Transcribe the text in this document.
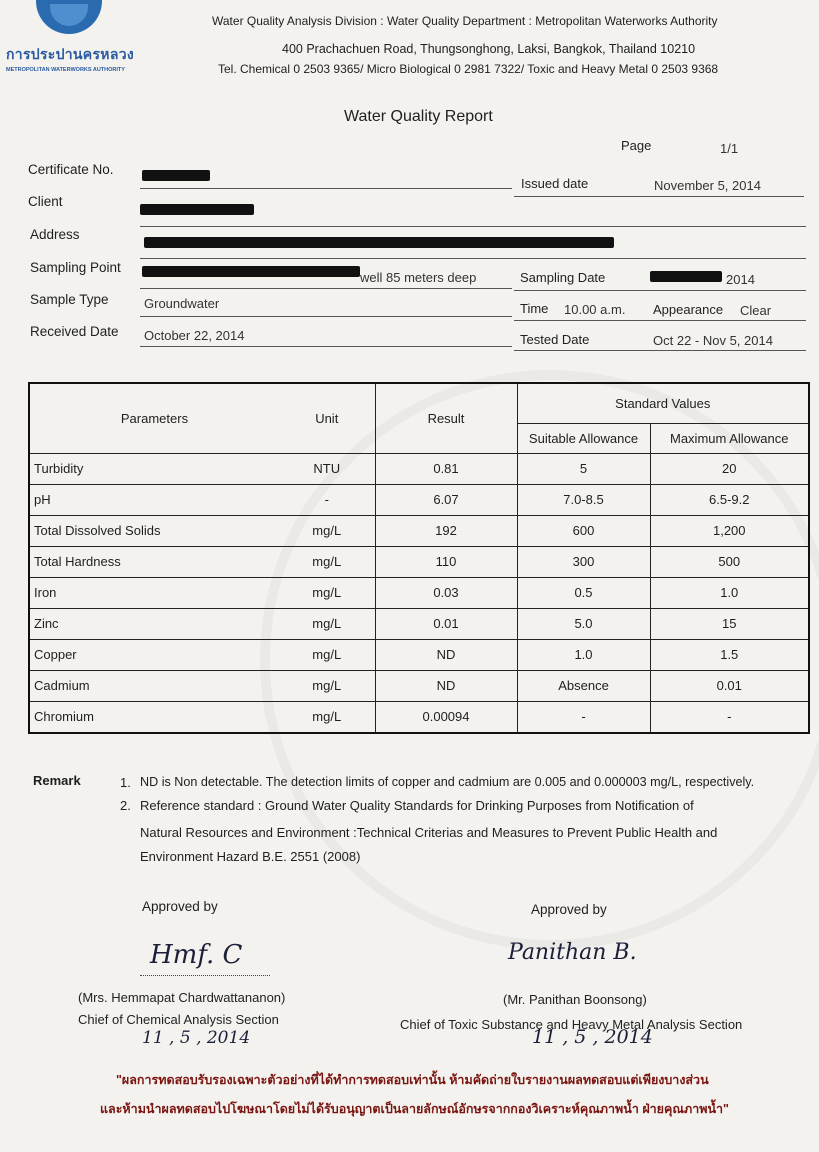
การประปานครหลวง
METROPOLITAN WATERWORKS AUTHORITY
Water Quality Analysis Division : Water Quality Department : Metropolitan Waterworks Authority
400 Prachachuen Road, Thungsonghong, Laksi, Bangkok, Thailand 10210
Tel. Chemical 0 2503 9365/ Micro Biological 0 2981 7322/ Toxic and Heavy Metal 0 2503 9368
Water Quality Report
Page	1/1
Certificate No.
Issued date	November 5, 2014
Client
Address
Sampling Point
well 85 meters deep	Sampling Date	2014
Sample Type	Groundwater	Time 10.00 a.m. Appearance Clear
Received Date October 22, 2014	Tested Date	Oct 22 - Nov 5, 2014
Parameters	Unit	Result	Standard Values	
			Suitable Allowance	Maximum Allowance
Turbidity	NTU	0.81	5	20
pH	-	6.07	7.0-8.5	6.5-9.2
Total Dissolved Solids	mg/L	192	600	1,200
Total Hardness	mg/L	110	300	500
Iron	mg/L	0.03	0.5	1.0
Zinc	mg/L	0.01	5.0	15
Copper	mg/L	ND	1.0	1.5
Cadmium	mg/L	ND	Absence	0.01
Chromium	mg/L	0.00094	-	-
Remark	1. ND is Non detectable. The detection limits of copper and cadmium are 0.005 and 0.000003 mg/L, respectively.
2. Reference standard : Ground Water Quality Standards for Drinking Purposes from Notification of
Natural Resources and Environment :Technical Criterias and Measures to Prevent Public Health and
Environment Hazard B.E. 2551 (2008)
Approved by
Hmf. C
(Mrs. Hemmapat Chardwattananon)
Chief of Chemical Analysis Section
11 , 5 , 2014
Approved by
Panithan B.
(Mr. Panithan Boonsong)
Chief of Toxic Substance and Heavy Metal Analysis Section
11 , 5 , 2014
"ผลการทดสอบรับรองเฉพาะตัวอย่างที่ได้ทำการทดสอบเท่านั้น ห้ามคัดถ่ายใบรายงานผลทดสอบแต่เพียงบางส่วน
และห้ามนำผลทดสอบไปโฆษณาโดยไม่ได้รับอนุญาตเป็นลายลักษณ์อักษรจากกองวิเคราะห์คุณภาพน้ำ ฝ่ายคุณภาพน้ำ"
